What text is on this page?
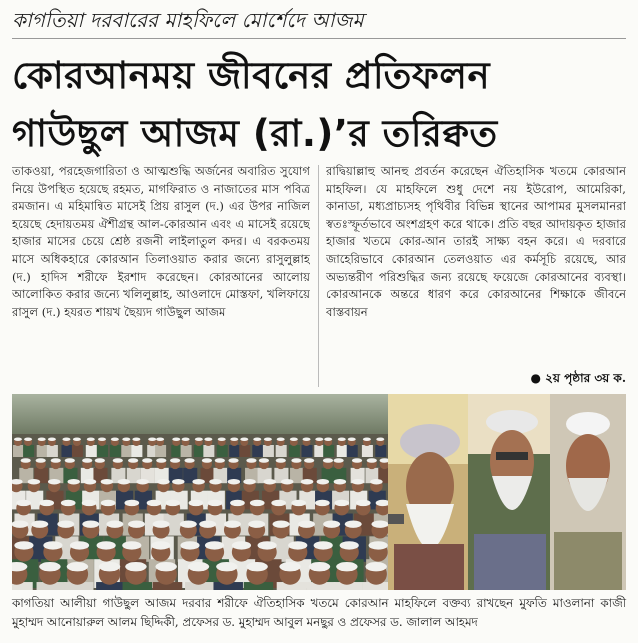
কাগতিয়া দরবারের মাহফিলে মোর্শেদে আজম
কোরআনময় জীবনের প্রতিফলন
গাউছুল আজম (রা.)’র তরিক্বত
তাকওয়া, পরহেজগারিতা ও আত্মশুদ্ধি অর্জনের অবারিত সুযোগ নিয়ে উপস্থিত হয়েছে রহমত, মাগফিরাত ও নাজাতের মাস পবিত্র রমজান। এ মহিমান্বিত মাসেই প্রিয় রাসুল (দ.) এর উপর নাজিল হয়েছে হেদায়তময় ঐশীগ্রন্থ আল-কোরআন এবং এ মাসেই রয়েছে হাজার মাসের চেয়ে শ্রেষ্ঠ রজনী লাইলাতুল কদর। এ বরকতময় মাসে অধিকহারে কোরআন তিলাওয়াত করার জন্যে রাসুলুল্লাহ (দ.) হাদিস শরীফে ইরশাদ করেছেন। কোরআনের আলোয় আলোকিত করার জন্যে খলিলুল্লাহ, আওলাদে মোস্তফা, খলিফায়ে রাসুল (দ.) হযরত শায়খ ছৈয়্যদ গাউছুল আজম
রাদ্বিয়াল্লাহু আনহু প্রবর্তন করেছেন ঐতিহাসিক খতমে কোরআন মাহফিল। যে মাহফিলে শুধু দেশে নয় ইউরোপ, আমেরিকা, কানাডা, মধ্যপ্রাচ্যসহ পৃথিবীর বিভিন্ন স্থানের আপামর মুসলমানরা স্বতঃস্ফূর্তভাবে অংশগ্রহণ করে থাকে। প্রতি বছর আদায়কৃত হাজার হাজার খতমে কোর-আন তারই সাক্ষ্য বহন করে। এ দরবারে জাহেরিভাবে কোরআন তেলওয়াত এর কর্মসূচি রয়েছে, আর অভ্যন্তরীণ পরিশুদ্ধির জন্য রয়েছে ফয়েজে কোরআনের ব্যবস্থা। কোরআনকে অন্তরে ধারণ করে কোরআনের শিক্ষাকে জীবনে বাস্তবায়ন
● ২য় পৃষ্ঠার ৩য় ক.
কাগতিয়া আলীয়া গাউছুল আজম দরবার শরীফে ঐতিহাসিক খতমে কোরআন মাহফিলে বক্তব্য রাখছেন মুফতি মাওলানা কাজী মুহাম্মদ আনোয়ারুল আলম ছিদ্দিকী, প্রফেসর ড. মুহাম্মদ আবুল মনছুর ও প্রফেসর ড. জালাল আহমদ
